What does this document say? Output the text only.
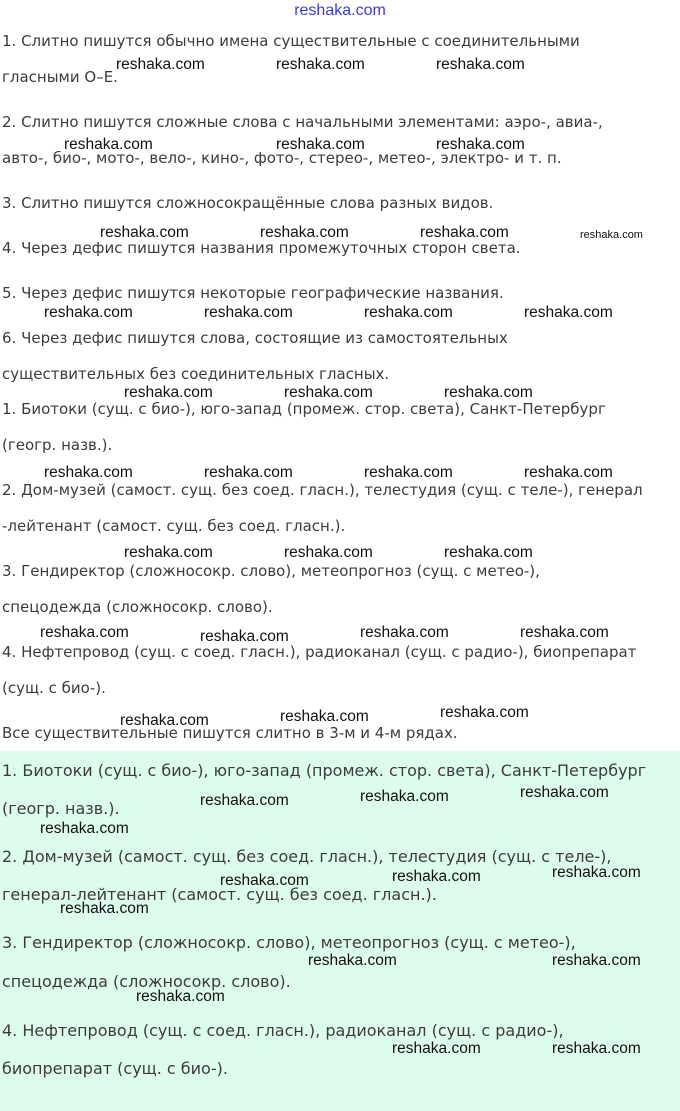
reshaka.com
1. Слитно пишутся обычно имена существительные с соединительными
гласными О–Е.
2. Слитно пишутся сложные слова с начальными элементами: аэро-, авиа-,
авто-, био-, мото-, вело-, кино-, фото-, стерео-, метео-, электро- и т. п.
3. Слитно пишутся сложносокращённые слова разных видов.
4. Через дефис пишутся названия промежуточных сторон света.
5. Через дефис пишутся некоторые географические названия.
6. Через дефис пишутся слова, состоящие из самостоятельных
существительных без соединительных гласных.
1. Биотоки (сущ. с био-), юго-запад (промеж. стор. света), Санкт-Петербург
(геогр. назв.).
2. Дом-музей (самост. сущ. без соед. гласн.), телестудия (сущ. с теле-), генерал
-лейтенант (самост. сущ. без соед. гласн.).
3. Гендиректор (сложносокр. слово), метеопрогноз (сущ. с метео-),
спецодежда (сложносокр. слово).
4. Нефтепровод (сущ. с соед. гласн.), радиоканал (сущ. с радио-), биопрепарат
(сущ. с био-).
Все существительные пишутся слитно в 3-м и 4-м рядах.
1. Биотоки (сущ. с био-), юго-запад (промеж. стор. света), Санкт-Петербург
(геогр. назв.).
2. Дом-музей (самост. сущ. без соед. гласн.), телестудия (сущ. с теле-),
генерал-лейтенант (самост. сущ. без соед. гласн.).
3. Гендиректор (сложносокр. слово), метеопрогноз (сущ. с метео-),
спецодежда (сложносокр. слово).
4. Нефтепровод (сущ. с соед. гласн.), радиоканал (сущ. с радио-),
биопрепарат (сущ. с био-).
reshaka.com	reshaka.com	reshaka.com
reshaka.com	reshaka.com	reshaka.com
reshaka.com	reshaka.com	reshaka.com	reshaka.com
reshaka.com	reshaka.com	reshaka.com	reshaka.com
reshaka.com	reshaka.com	reshaka.com
reshaka.com	reshaka.com	reshaka.com	reshaka.com
reshaka.com	reshaka.com	reshaka.com
reshaka.com	reshaka.com	reshaka.com	reshaka.com
reshaka.com	reshaka.com	reshaka.com
reshaka.com	reshaka.com	reshaka.com
reshaka.com
reshaka.com	reshaka.com	reshaka.com
reshaka.com
reshaka.com	reshaka.com
reshaka.com
reshaka.com	reshaka.com
